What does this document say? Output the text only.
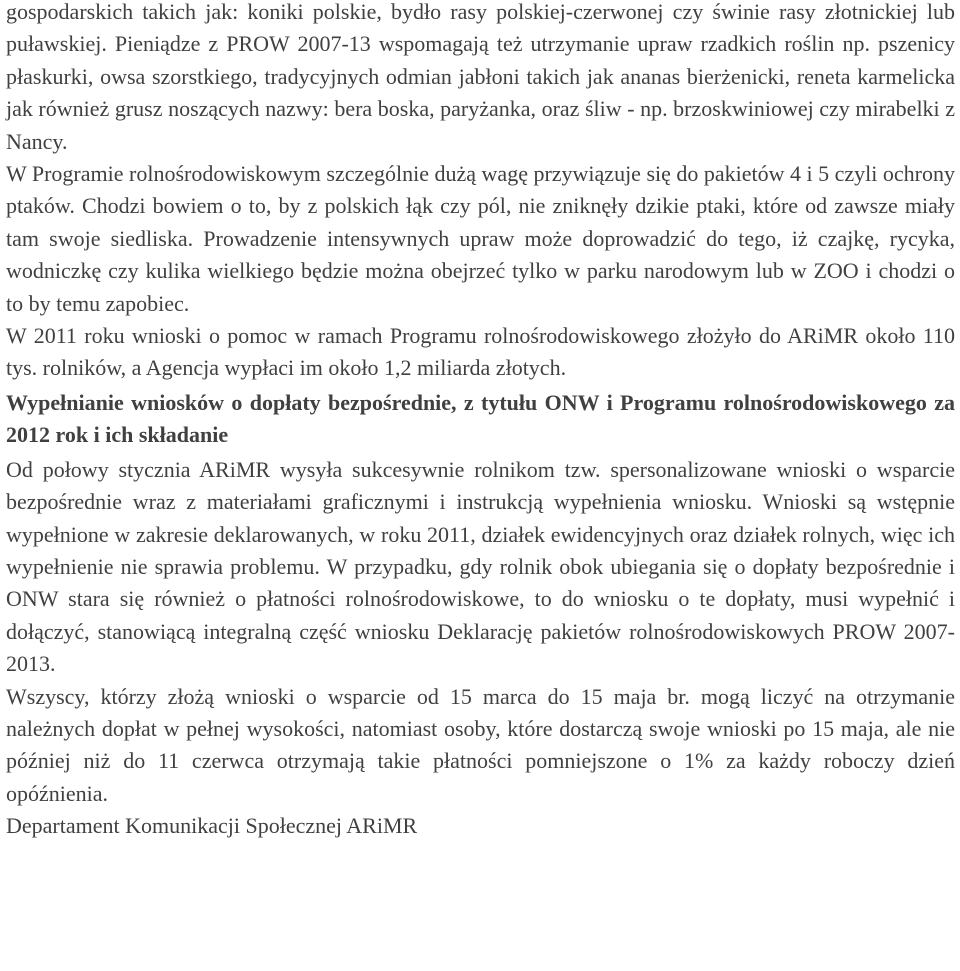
gospodarskich takich jak: koniki polskie, bydło rasy polskiej-czerwonej czy świnie rasy złotnickiej lub puławskiej. Pieniądze z PROW 2007-13 wspomagają też utrzymanie upraw rzadkich roślin np. pszenicy płaskurki, owsa szorstkiego, tradycyjnych odmian jabłoni takich jak ananas bierżenicki, reneta karmelicka jak również grusz noszących nazwy: bera boska, paryżanka, oraz śliw - np. brzoskwiniowej czy mirabelki z Nancy.

W Programie rolnośrodowiskowym szczególnie dużą wagę przywiązuje się do pakietów 4 i 5 czyli ochrony ptaków. Chodzi bowiem o to, by z polskich łąk czy pól, nie zniknęły dzikie ptaki, które od zawsze miały tam swoje siedliska. Prowadzenie intensywnych upraw może doprowadzić do tego, iż czajkę, rycyka, wodniczkę czy kulika wielkiego będzie można obejrzeć tylko w parku narodowym lub w ZOO i chodzi o to by temu zapobiec.

W 2011 roku wnioski o pomoc w ramach Programu rolnośrodowiskowego złożyło do ARiMR około 110 tys. rolników, a Agencja wypłaci im około 1,2 miliarda złotych.

Wypełnianie wniosków o dopłaty bezpośrednie, z tytułu ONW i Programu rolnośrodowiskowego za 2012 rok i ich składanie

Od połowy stycznia ARiMR wysyła sukcesywnie rolnikom tzw. spersonalizowane wnioski o wsparcie bezpośrednie wraz z materiałami graficznymi i instrukcją wypełnienia wniosku. Wnioski są wstępnie wypełnione w zakresie deklarowanych, w roku 2011, działek ewidencyjnych oraz działek rolnych, więc ich wypełnienie nie sprawia problemu. W przypadku, gdy rolnik obok ubiegania się o dopłaty bezpośrednie i ONW stara się również o płatności rolnośrodowiskowe, to do wniosku o te dopłaty, musi wypełnić i dołączyć, stanowiącą integralną część wniosku Deklarację pakietów rolnośrodowiskowych PROW 2007-2013.

Wszyscy, którzy złożą wnioski o wsparcie od 15 marca do 15 maja br. mogą liczyć na otrzymanie należnych dopłat w pełnej wysokości, natomiast osoby, które dostarczą swoje wnioski po 15 maja, ale nie później niż do 11 czerwca otrzymają takie płatności pomniejszone o 1% za każdy roboczy dzień opóźnienia.

Departament Komunikacji Społecznej ARiMR
